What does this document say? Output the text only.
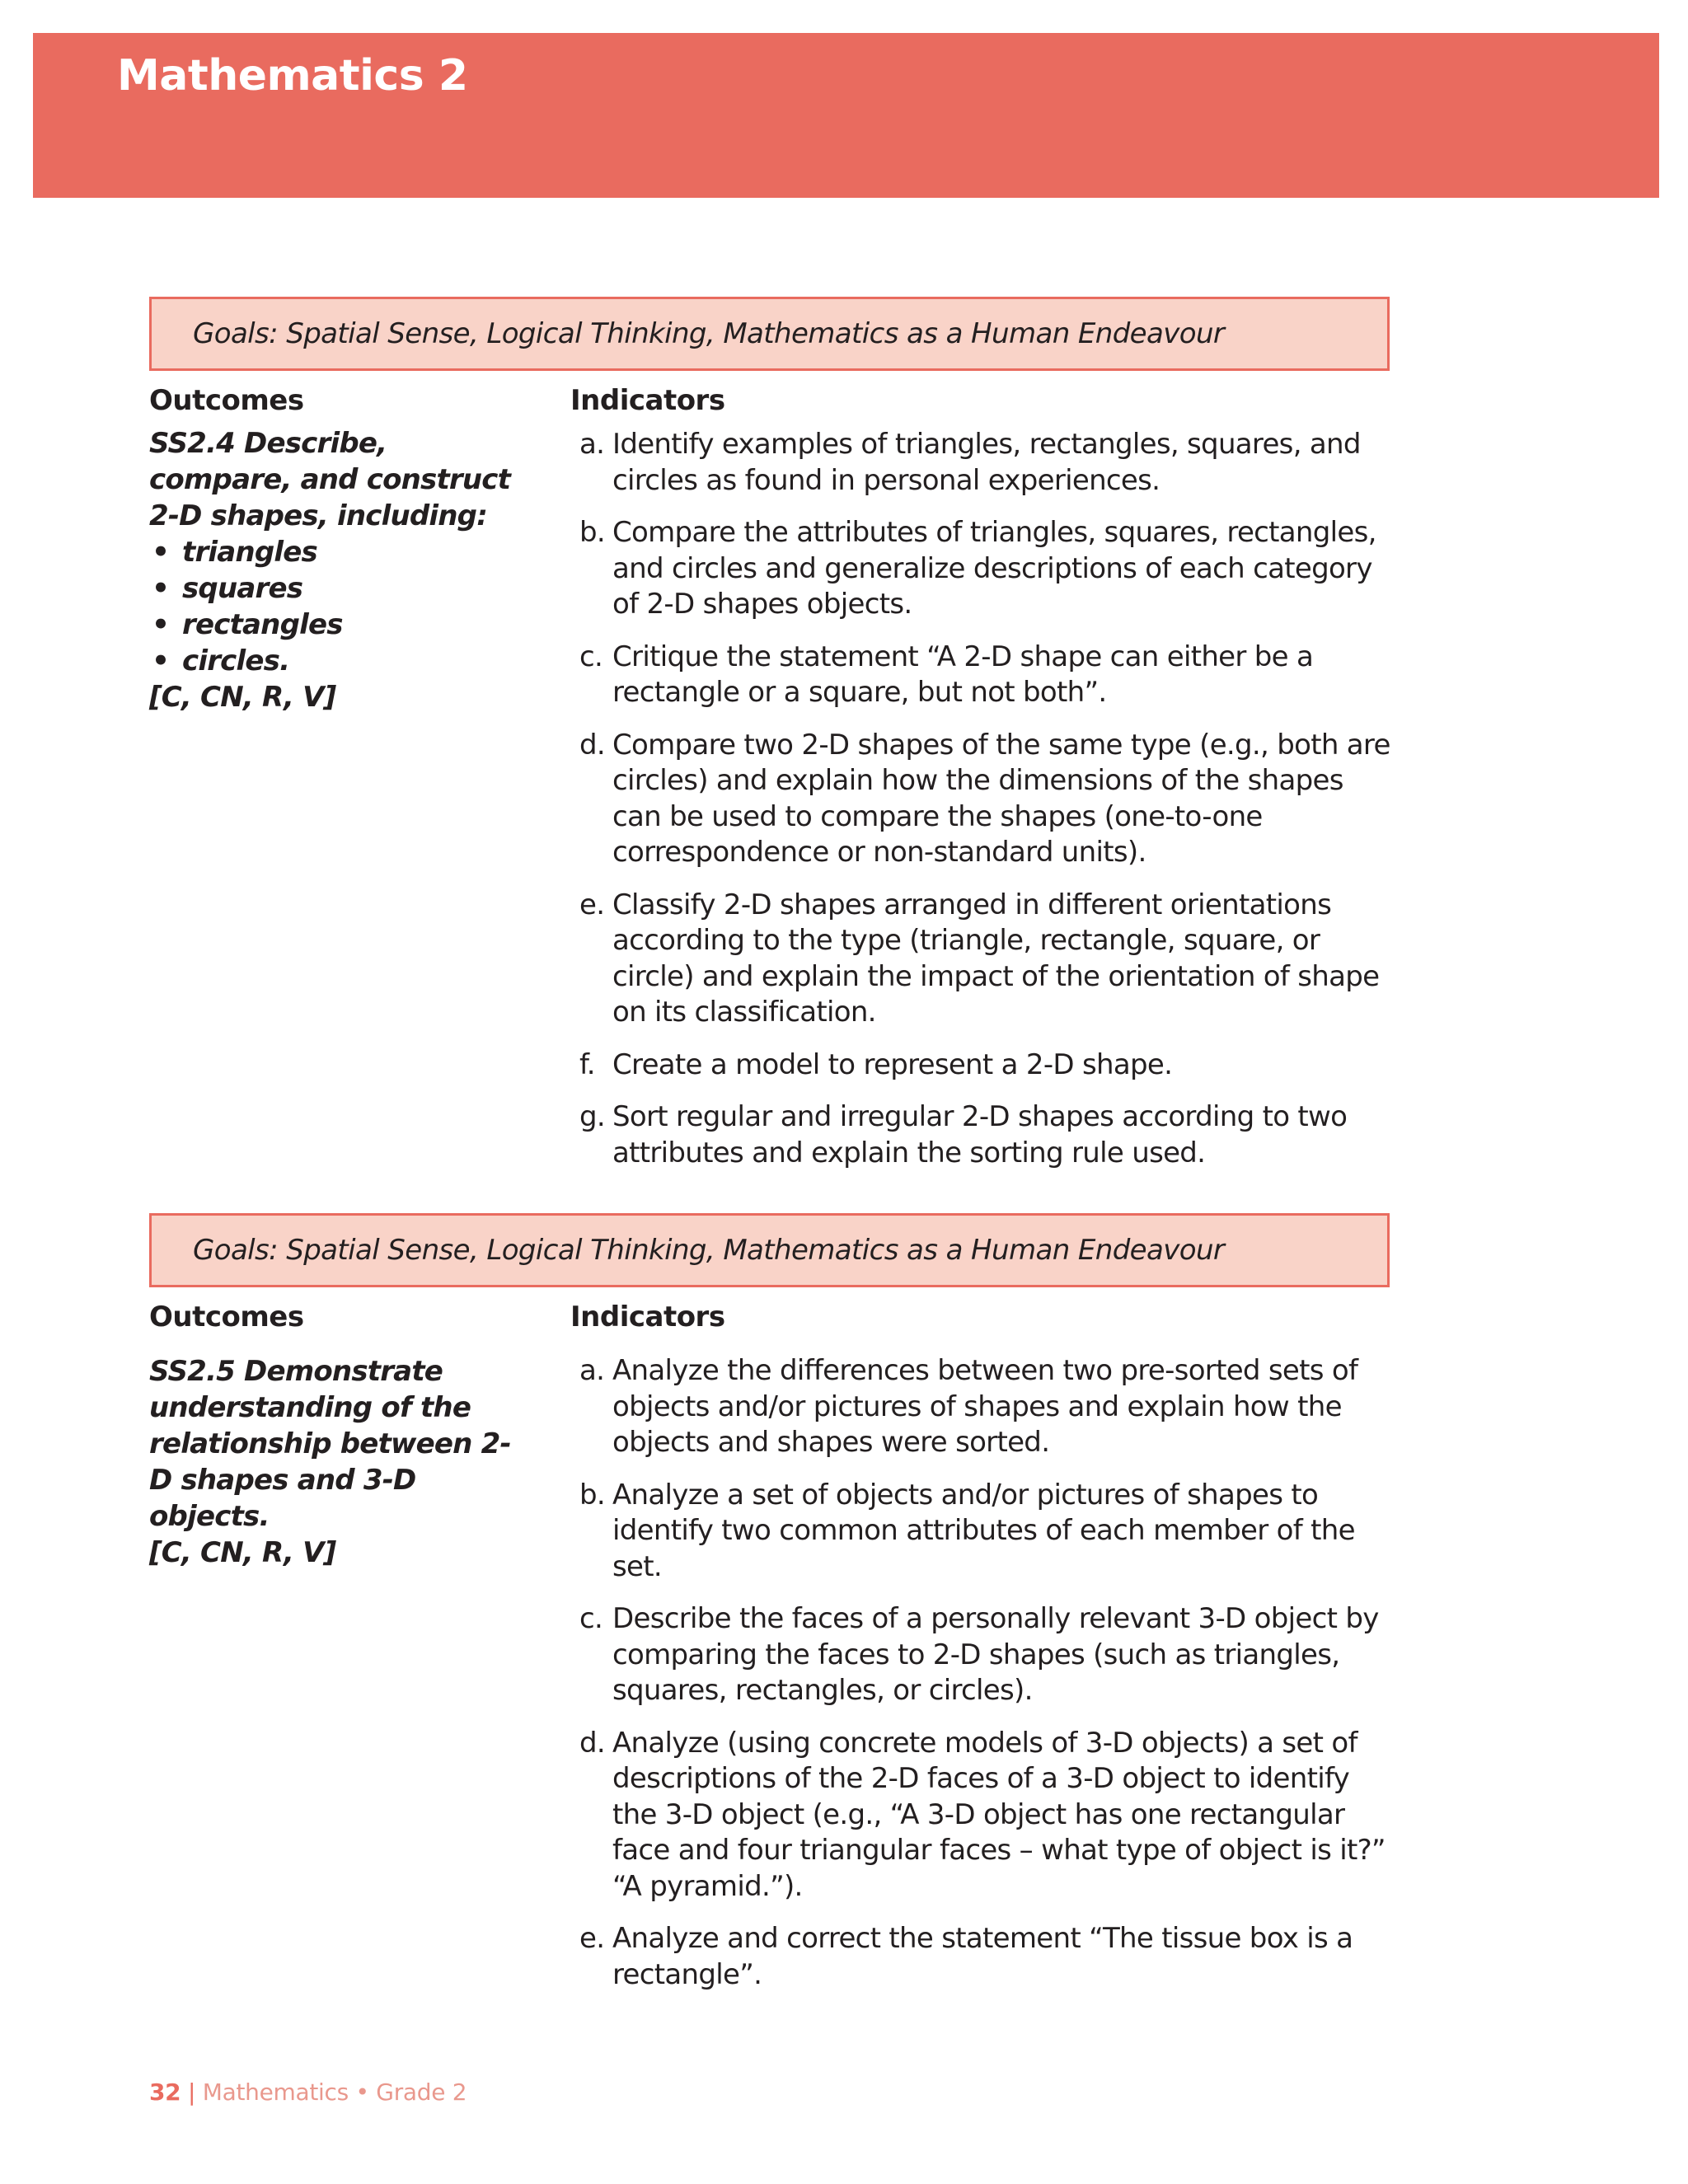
Mathematics 2
Goals: Spatial Sense, Logical Thinking, Mathematics as a Human Endeavour
Outcomes	Indicators

SS2.4 Describe, compare, and construct 2-D shapes, including:

• triangles
• squares
• rectangles
• circles.

[C, CN, R, V]

a. Identify examples of triangles, rectangles, squares, and circles as found in personal experiences.
b. Compare the attributes of triangles, squares, rectangles, and circles and generalize descriptions of each category of 2-D shapes objects.
c. Critique the statement “A 2-D shape can either be a rectangle or a square, but not both”.
d. Compare two 2-D shapes of the same type (e.g., both are circles) and explain how the dimensions of the shapes can be used to compare the shapes (one-to-one correspondence or non-standard units).
e. Classify 2-D shapes arranged in different orientations according to the type (triangle, rectangle, square, or circle) and explain the impact of the orientation of shape on its classification.
f. Create a model to represent a 2-D shape.
g. Sort regular and irregular 2-D shapes according to two attributes and explain the sorting rule used.
Goals: Spatial Sense, Logical Thinking, Mathematics as a Human Endeavour
Outcomes	Indicators

SS2.5 Demonstrate understanding of the relationship between 2-D shapes and 3-D objects.

[C, CN, R, V]

a. Analyze the differences between two pre-sorted sets of objects and/or pictures of shapes and explain how the objects and shapes were sorted.
b. Analyze a set of objects and/or pictures of shapes to identify two common attributes of each member of the set.
c. Describe the faces of a personally relevant 3-D object by comparing the faces to 2-D shapes (such as triangles, squares, rectangles, or circles).
d. Analyze (using concrete models of 3-D objects) a set of descriptions of the 2-D faces of a 3-D object to identify the 3-D object (e.g., “A 3-D object has one rectangular face and four triangular faces – what type of object is it?” “A pyramid.”).
e. Analyze and correct the statement “The tissue box is a rectangle”.
32 | Mathematics • Grade 2
